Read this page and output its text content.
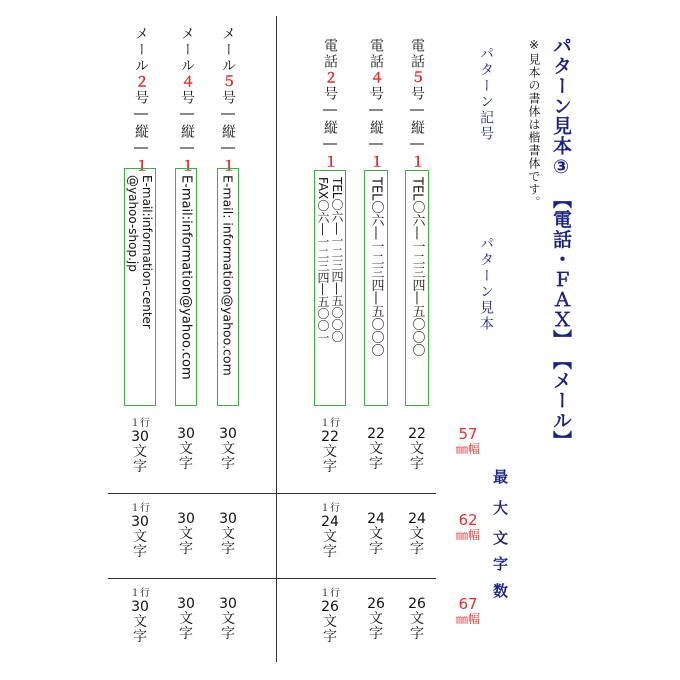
パターン見本③　【電話・ＦＡＸ】　【メール】
※見本の書体は楷書体です。
パターン記号
パターン見本
最
大
文
字
数
57
㎜幅
62
㎜幅
67
㎜幅
電話５号―縦―１
TEL〇六―一二三四―五〇〇〇
電話４号―縦―１
TEL〇六―一二三四―五〇〇〇
電話２号―縦―１
TEL〇六―一二三四―五〇〇〇
FAX〇六―一二三四―五〇〇一
メール５号―縦―１
E-mail: information@yahoo.com
メール４号―縦―１
E-mail:information@yahoo.com
メール２号―縦―１
E-mail:information-center
@yahoo-shop.jp
22
文
字
22
文
字
１行
22
文
字
30
文
字
30
文
字
１行
30
文
字
24
文
字
24
文
字
１行
24
文
字
30
文
字
30
文
字
１行
30
文
字
26
文
字
26
文
字
１行
26
文
字
30
文
字
30
文
字
１行
30
文
字
